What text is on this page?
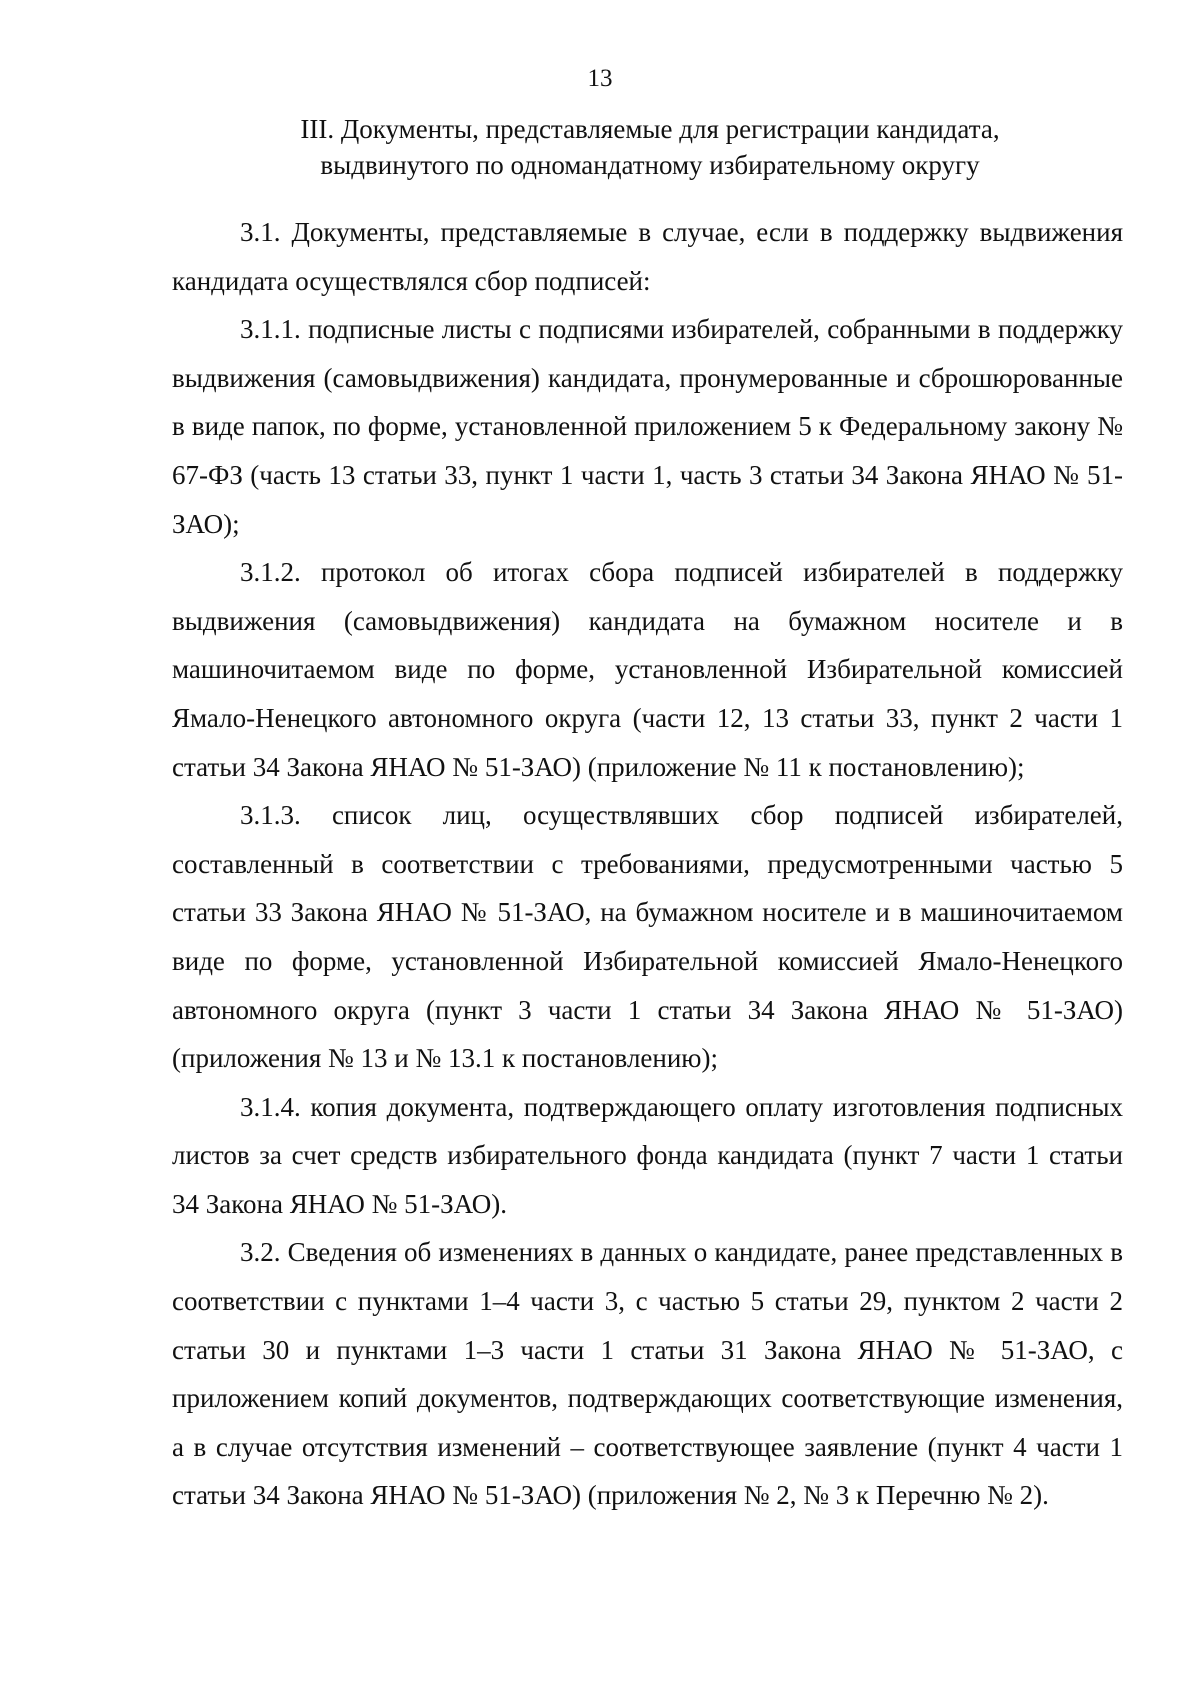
13
III. Документы, представляемые для регистрации кандидата,
выдвинутого по одномандатному избирательному округу

3.1. Документы, представляемые в случае, если в поддержку выдвижения кандидата осуществлялся сбор подписей:

3.1.1. подписные листы с подписями избирателей, собранными в поддержку выдвижения (самовыдвижения) кандидата, пронумерованные и сброшюрованные в виде папок, по форме, установленной приложением 5 к Федеральному закону № 67-ФЗ (часть 13 статьи 33, пункт 1 части 1, часть 3 статьи 34 Закона ЯНАО № 51-ЗАО);

3.1.2. протокол об итогах сбора подписей избирателей в поддержку выдвижения (самовыдвижения) кандидата на бумажном носителе и в машиночитаемом виде по форме, установленной Избирательной комиссией Ямало-Ненецкого автономного округа (части 12, 13 статьи 33, пункт 2 части 1 статьи 34 Закона ЯНАО № 51-ЗАО) (приложение № 11 к постановлению);

3.1.3. список лиц, осуществлявших сбор подписей избирателей, составленный в соответствии с требованиями, предусмотренными частью 5 статьи 33 Закона ЯНАО № 51-ЗАО, на бумажном носителе и в машиночитаемом виде по форме, установленной Избирательной комиссией Ямало-Ненецкого автономного округа (пункт 3 части 1 статьи 34 Закона ЯНАО № 51-ЗАО) (приложения № 13 и № 13.1 к постановлению);

3.1.4. копия документа, подтверждающего оплату изготовления подписных листов за счет средств избирательного фонда кандидата (пункт 7 части 1 статьи 34 Закона ЯНАО № 51-ЗАО).

3.2. Сведения об изменениях в данных о кандидате, ранее представленных в соответствии с пунктами 1–4 части 3, с частью 5 статьи 29, пунктом 2 части 2 статьи 30 и пунктами 1–3 части 1 статьи 31 Закона ЯНАО № 51-ЗАО, с приложением копий документов, подтверждающих соответствующие изменения, а в случае отсутствия изменений – соответствующее заявление (пункт 4 части 1 статьи 34 Закона ЯНАО № 51-ЗАО) (приложения № 2, № 3 к Перечню № 2).
